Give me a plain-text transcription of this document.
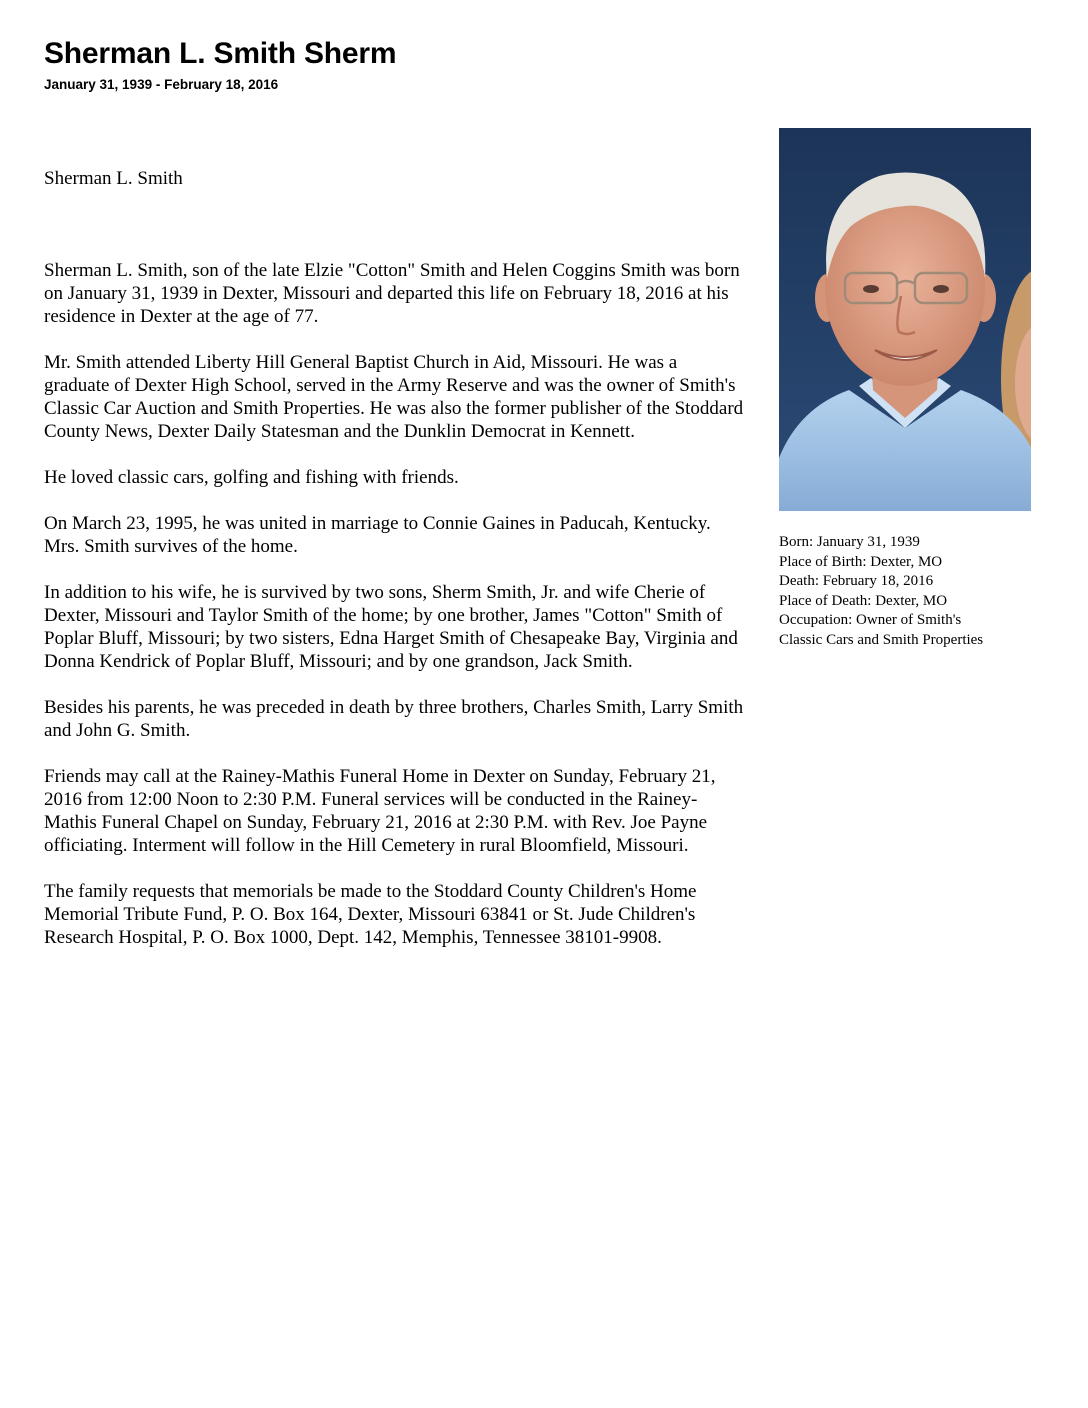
Sherman L. Smith Sherm
January 31, 1939 - February 18, 2016

Sherman L. Smith

Sherman L. Smith, son of the late Elzie "Cotton" Smith and Helen Coggins Smith was born on January 31, 1939 in Dexter, Missouri and departed this life on February 18, 2016 at his residence in Dexter at the age of 77.

Mr. Smith attended Liberty Hill General Baptist Church in Aid, Missouri. He was a graduate of Dexter High School, served in the Army Reserve and was the owner of Smith's Classic Car Auction and Smith Properties. He was also the former publisher of the Stoddard County News, Dexter Daily Statesman and the Dunklin Democrat in Kennett.

He loved classic cars, golfing and fishing with friends.

On March 23, 1995, he was united in marriage to Connie Gaines in Paducah, Kentucky. Mrs. Smith survives of the home.

In addition to his wife, he is survived by two sons, Sherm Smith, Jr. and wife Cherie of Dexter, Missouri and Taylor Smith of the home; by one brother, James "Cotton" Smith of Poplar Bluff, Missouri; by two sisters, Edna Harget Smith of Chesapeake Bay, Virginia and Donna Kendrick of Poplar Bluff, Missouri; and by one grandson, Jack Smith.

Besides his parents, he was preceded in death by three brothers, Charles Smith, Larry Smith and John G. Smith.

Friends may call at the Rainey-Mathis Funeral Home in Dexter on Sunday, February 21, 2016 from 12:00 Noon to 2:30 P.M. Funeral services will be conducted in the Rainey-Mathis Funeral Chapel on Sunday, February 21, 2016 at 2:30 P.M. with Rev. Joe Payne officiating. Interment will follow in the Hill Cemetery in rural Bloomfield, Missouri.

The family requests that memorials be made to the Stoddard County Children's Home Memorial Tribute Fund, P. O. Box 164, Dexter, Missouri 63841 or St. Jude Children's Research Hospital, P. O. Box 1000, Dept. 142, Memphis, Tennessee 38101-9908.

Born: January 31, 1939
Place of Birth: Dexter, MO
Death: February 18, 2016
Place of Death: Dexter, MO
Occupation: Owner of Smith's
Classic Cars and Smith Properties
